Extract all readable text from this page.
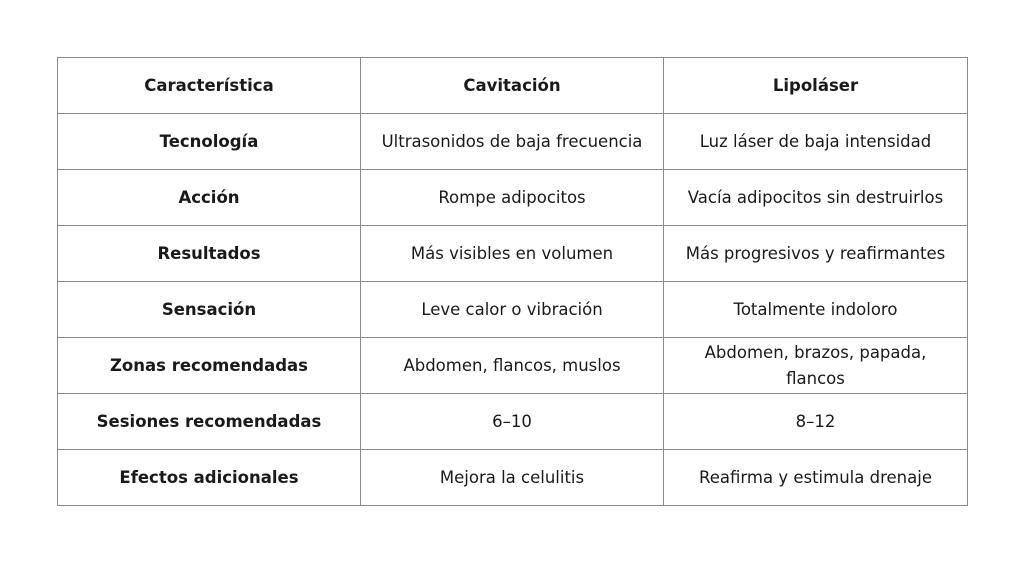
Característica	Cavitación	Lipoláser
Tecnología	Ultrasonidos de baja frecuencia	Luz láser de baja intensidad
Acción	Rompe adipocitos	Vacía adipocitos sin destruirlos
Resultados	Más visibles en volumen	Más progresivos y reafirmantes
Sensación	Leve calor o vibración	Totalmente indoloro
Zonas recomendadas	Abdomen, flancos, muslos	Abdomen, brazos, papada, flancos
Sesiones recomendadas	6–10	8–12
Efectos adicionales	Mejora la celulitis	Reafirma y estimula drenaje
